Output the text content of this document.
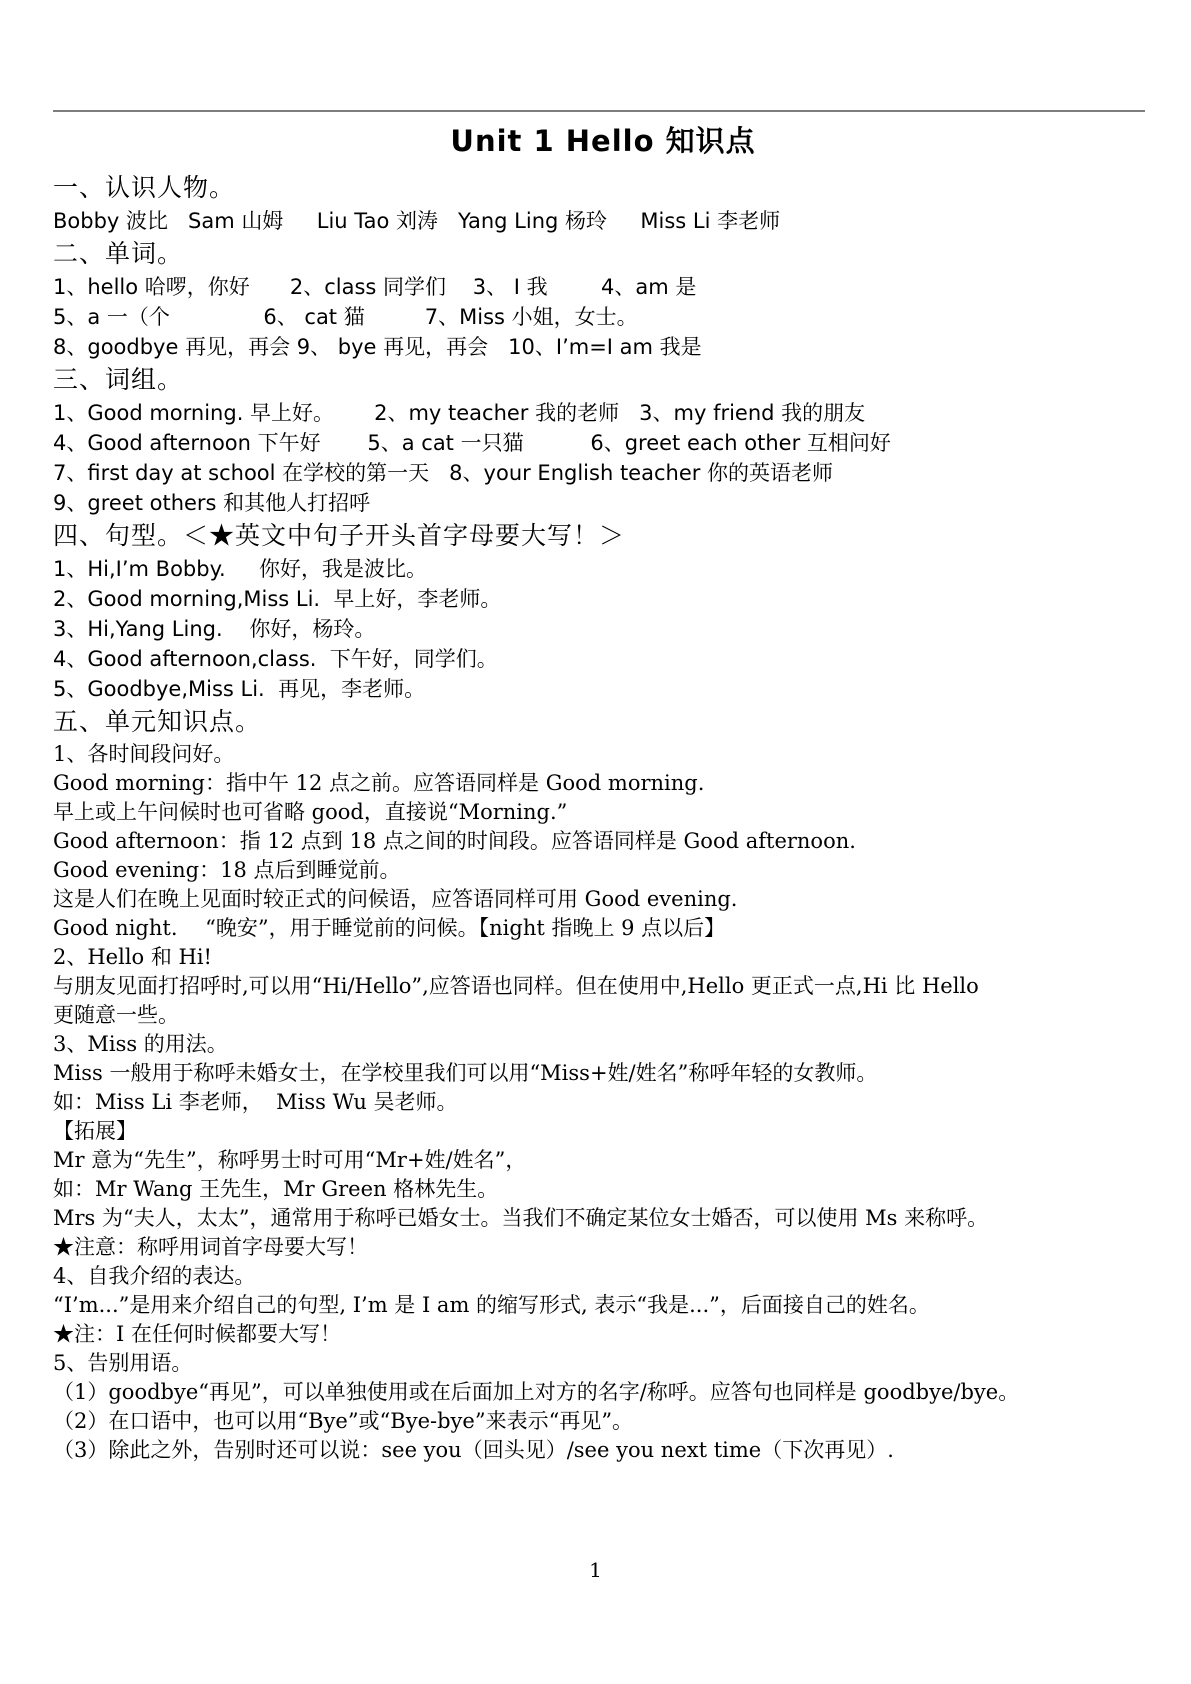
Unit 1 Hello 知识点
一、认识人物。
Bobby 波比   Sam 山姆     Liu Tao 刘涛   Yang Ling 杨玲     Miss Li 李老师
二、单词。
1、hello 哈啰，你好      2、class 同学们    3、 I 我        4、am 是
5、a 一（个              6、 cat 猫         7、Miss 小姐，女士。
8、goodbye 再见，再会 9、 bye 再见，再会   10、I’m=I am 我是
三、词组。
1、Good morning. 早上好。      2、my teacher 我的老师   3、my friend 我的朋友
4、Good afternoon 下午好       5、a cat 一只猫          6、greet each other 互相问好
7、first day at school 在学校的第一天   8、your English teacher 你的英语老师
9、greet others 和其他人打招呼
四、句型。＜★英文中句子开头首字母要大写！＞
1、Hi,I’m Bobby.     你好，我是波比。
2、Good morning,Miss Li.  早上好，李老师。
3、Hi,Yang Ling.    你好，杨玲。
4、Good afternoon,class.  下午好，同学们。
5、Goodbye,Miss Li.  再见，李老师。
五、单元知识点。
1、各时间段问好。
Good morning：指中午 12 点之前。应答语同样是 Good morning.
早上或上午问候时也可省略 good，直接说“Morning.”
Good afternoon：指 12 点到 18 点之间的时间段。应答语同样是 Good afternoon.
Good evening：18 点后到睡觉前。
这是人们在晚上见面时较正式的问候语，应答语同样可用 Good evening.
Good night.　 “晚安”，用于睡觉前的问候。【night 指晚上 9 点以后】
2、Hello 和 Hi!
与朋友见面打招呼时,可以用“Hi/Hello”,应答语也同样。但在使用中,Hello 更正式一点,Hi 比 Hello
更随意一些。
3、Miss 的用法。
Miss 一般用于称呼未婚女士，在学校里我们可以用“Miss+姓/姓名”称呼年轻的女教师。
如：Miss Li 李老师，  Miss Wu 吴老师。
【拓展】
Mr 意为“先生”，称呼男士时可用“Mr+姓/姓名”，
如：Mr Wang 王先生，Mr Green 格林先生。
Mrs 为“夫人，太太”，通常用于称呼已婚女士。当我们不确定某位女士婚否，可以使用 Ms 来称呼。
★注意：称呼用词首字母要大写！
4、自我介绍的表达。
“I’m...”是用来介绍自己的句型, I’m 是 I am 的缩写形式, 表示“我是...”，后面接自己的姓名。
★注：I 在任何时候都要大写！
5、告别用语。
（1）goodbye“再见”，可以单独使用或在后面加上对方的名字/称呼。应答句也同样是 goodbye/bye。
（2）在口语中，也可以用“Bye”或“Bye-bye”来表示“再见”。
（3）除此之外，告别时还可以说：see you（回头见）/see you next time（下次再见）.
1
